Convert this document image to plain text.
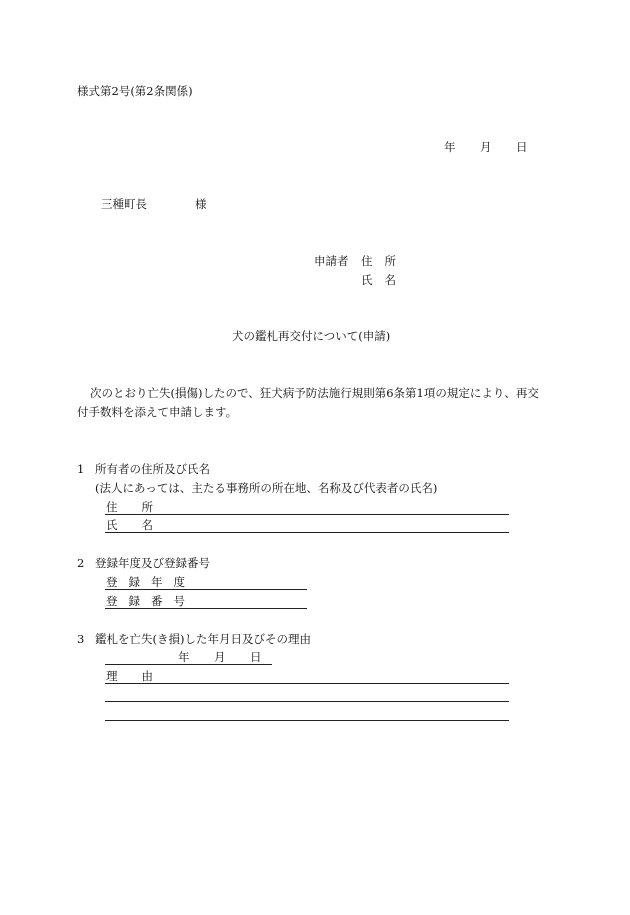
様式第2号(第2条関係)
年 月 日
三種町長	様
申請者 住 所
氏 名
犬の鑑札再交付について(申請)
次のとおり亡失(損傷)したので、狂犬病予防法施行規則第6条第1項の規定により、再交
付手数料を添えて申請します。
1 所有者の住所及び氏名
(法人にあっては、主たる事務所の所在地、名称及び代表者の氏名)
住 所
氏 名
2 登録年度及び登録番号
登 録 年 度
登 録 番 号
3 鑑札を亡失(き損)した年月日及びその理由
年 月 日
理 由
